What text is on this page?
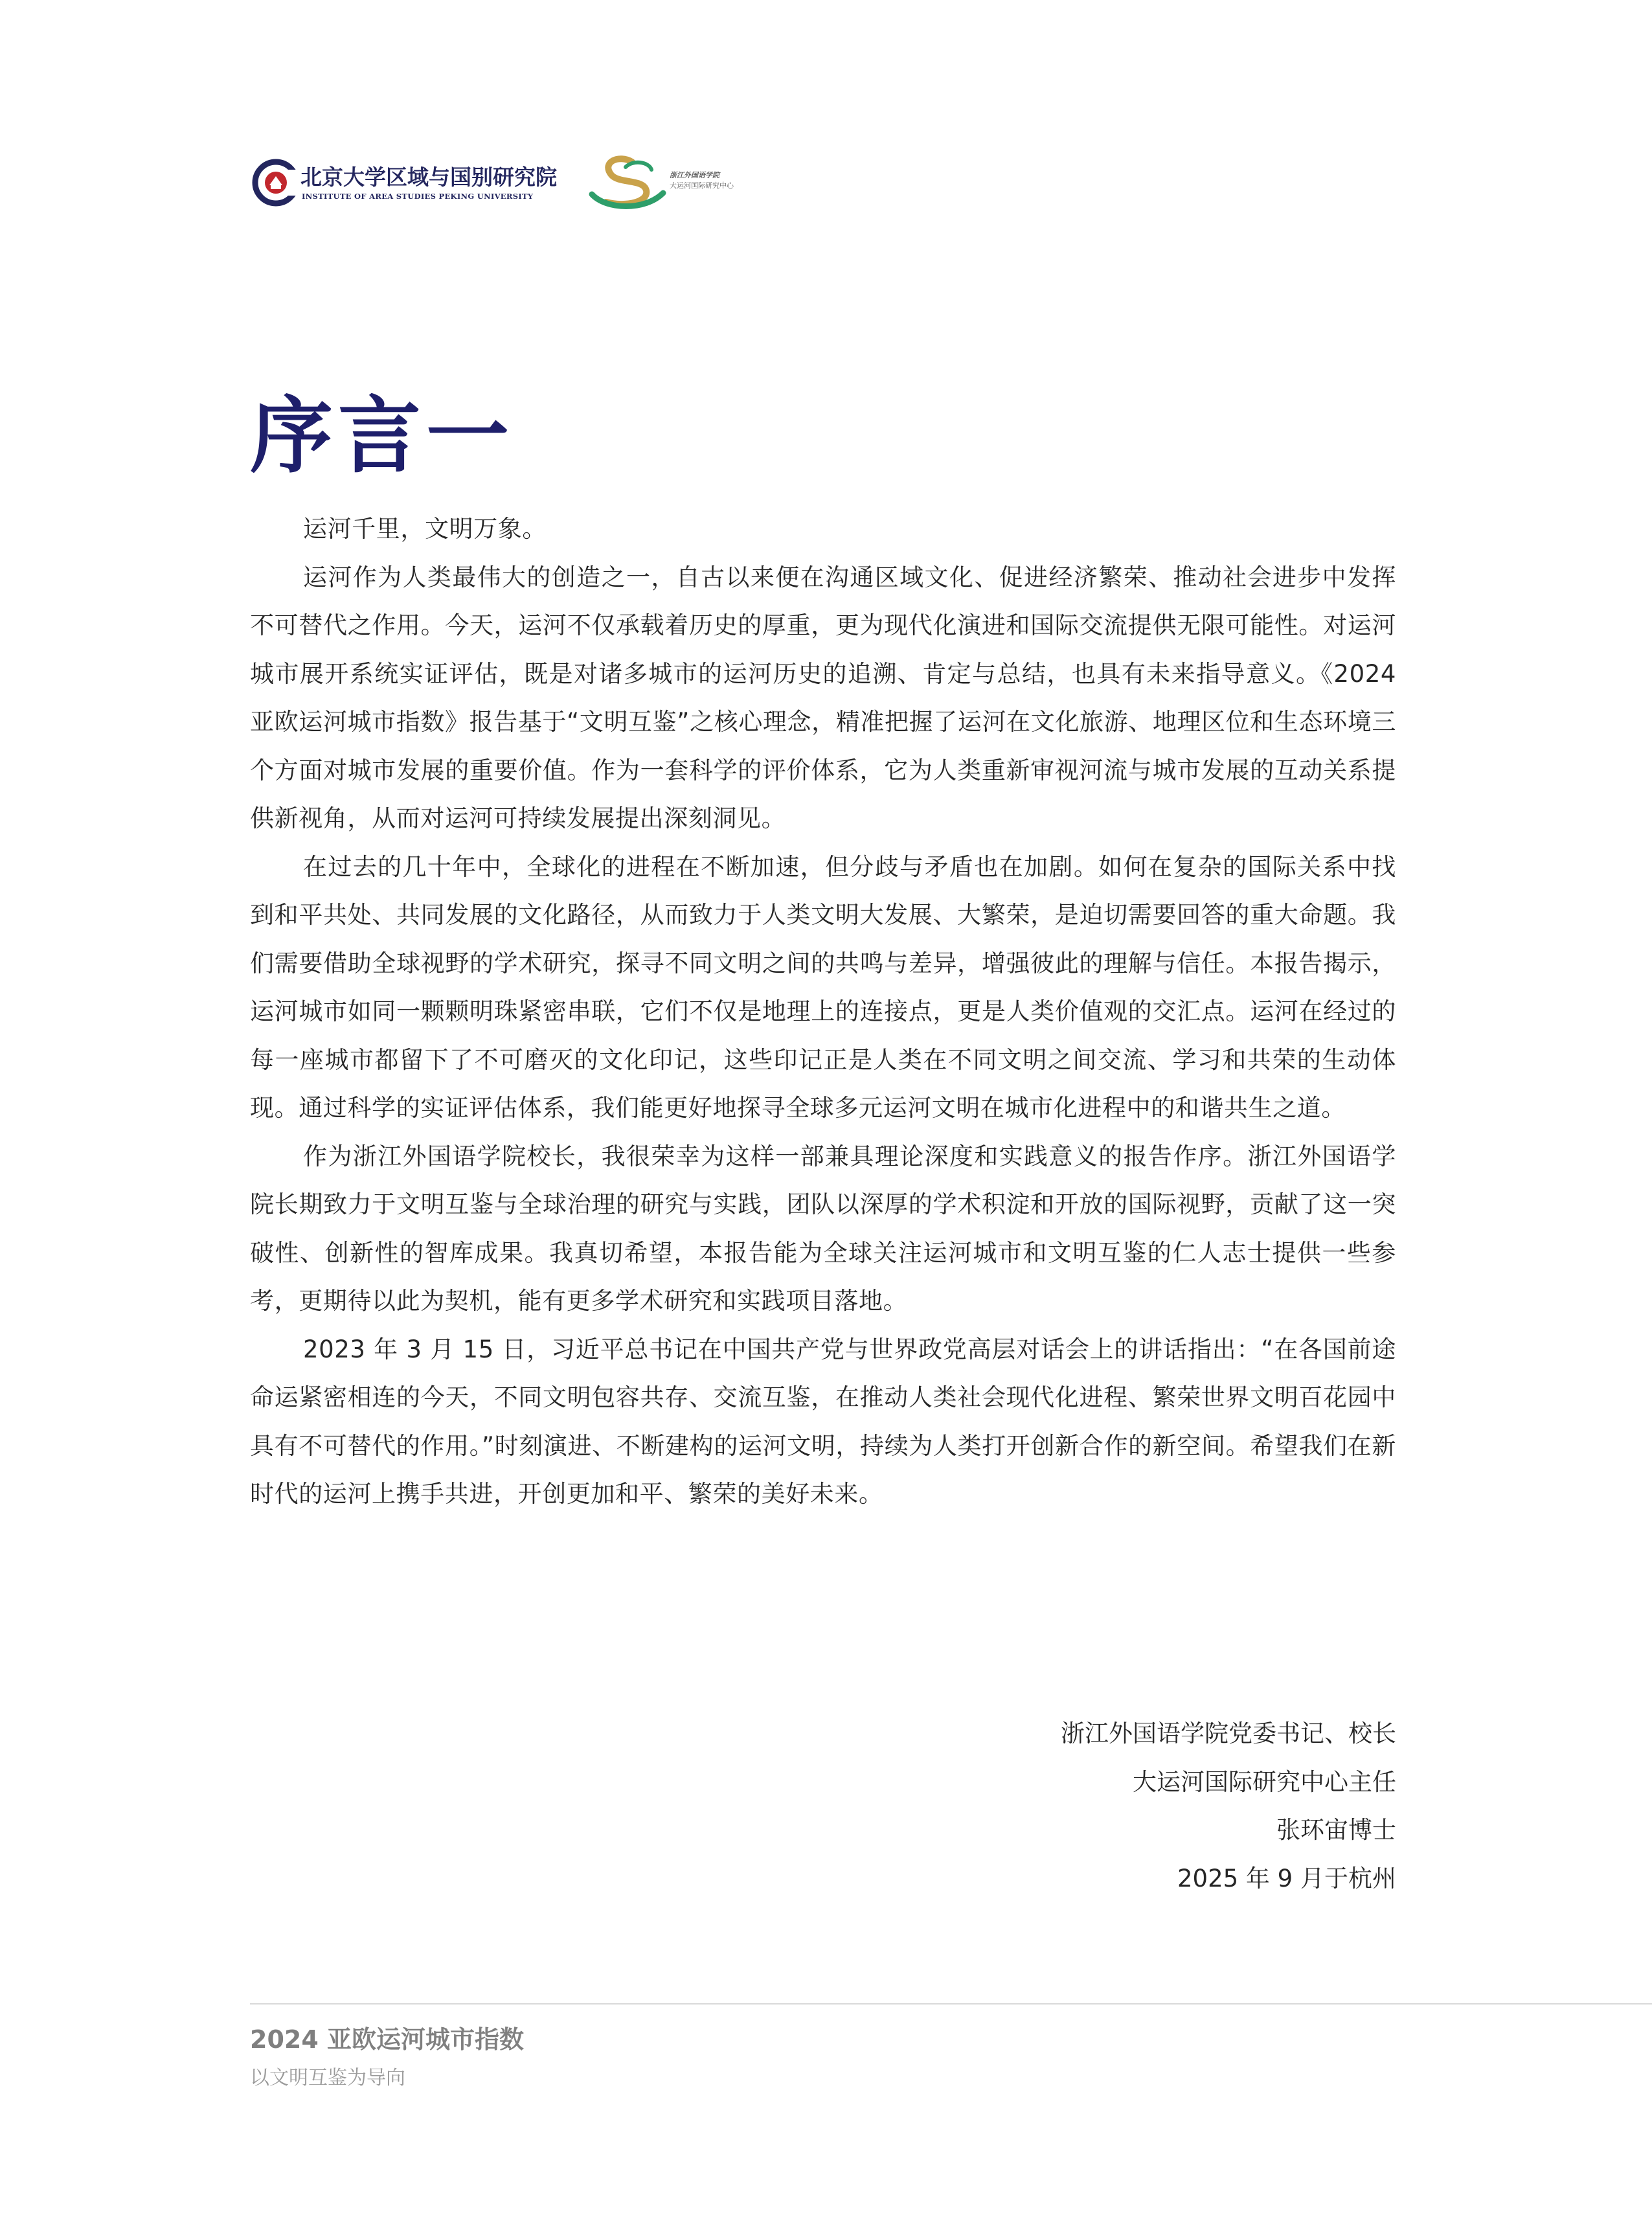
北京大学区域与国别研究院
INSTITUTE OF AREA STUDIES PEKING UNIVERSITY
浙江外国语学院
大运河国际研究中心
序言一

运河千里，文明万象。

运河作为人类最伟大的创造之一，自古以来便在沟通区域文化、促进经济繁荣、推动社会进步中发挥不可替代之作用。今天，运河不仅承载着历史的厚重，更为现代化演进和国际交流提供无限可能性。对运河城市展开系统实证评估，既是对诸多城市的运河历史的追溯、肯定与总结，也具有未来指导意义。《2024 亚欧运河城市指数》报告基于“文明互鉴”之核心理念，精准把握了运河在文化旅游、地理区位和生态环境三个方面对城市发展的重要价值。作为一套科学的评价体系，它为人类重新审视河流与城市发展的互动关系提供新视角，从而对运河可持续发展提出深刻洞见。

在过去的几十年中，全球化的进程在不断加速，但分歧与矛盾也在加剧。如何在复杂的国际关系中找到和平共处、共同发展的文化路径，从而致力于人类文明大发展、大繁荣，是迫切需要回答的重大命题。我们需要借助全球视野的学术研究，探寻不同文明之间的共鸣与差异，增强彼此的理解与信任。本报告揭示，运河城市如同一颗颗明珠紧密串联，它们不仅是地理上的连接点，更是人类价值观的交汇点。运河在经过的每一座城市都留下了不可磨灭的文化印记，这些印记正是人类在不同文明之间交流、学习和共荣的生动体现。通过科学的实证评估体系，我们能更好地探寻全球多元运河文明在城市化进程中的和谐共生之道。

作为浙江外国语学院校长，我很荣幸为这样一部兼具理论深度和实践意义的报告作序。浙江外国语学院长期致力于文明互鉴与全球治理的研究与实践，团队以深厚的学术积淀和开放的国际视野，贡献了这一突破性、创新性的智库成果。我真切希望，本报告能为全球关注运河城市和文明互鉴的仁人志士提供一些参考，更期待以此为契机，能有更多学术研究和实践项目落地。

2023 年 3 月 15 日，习近平总书记在中国共产党与世界政党高层对话会上的讲话指出：“在各国前途命运紧密相连的今天，不同文明包容共存、交流互鉴，在推动人类社会现代化进程、繁荣世界文明百花园中具有不可替代的作用。”时刻演进、不断建构的运河文明，持续为人类打开创新合作的新空间。希望我们在新时代的运河上携手共进，开创更加和平、繁荣的美好未来。

浙江外国语学院党委书记、校长
大运河国际研究中心主任
张环宙博士
2025 年 9 月于杭州
2024 亚欧运河城市指数
以文明互鉴为导向
